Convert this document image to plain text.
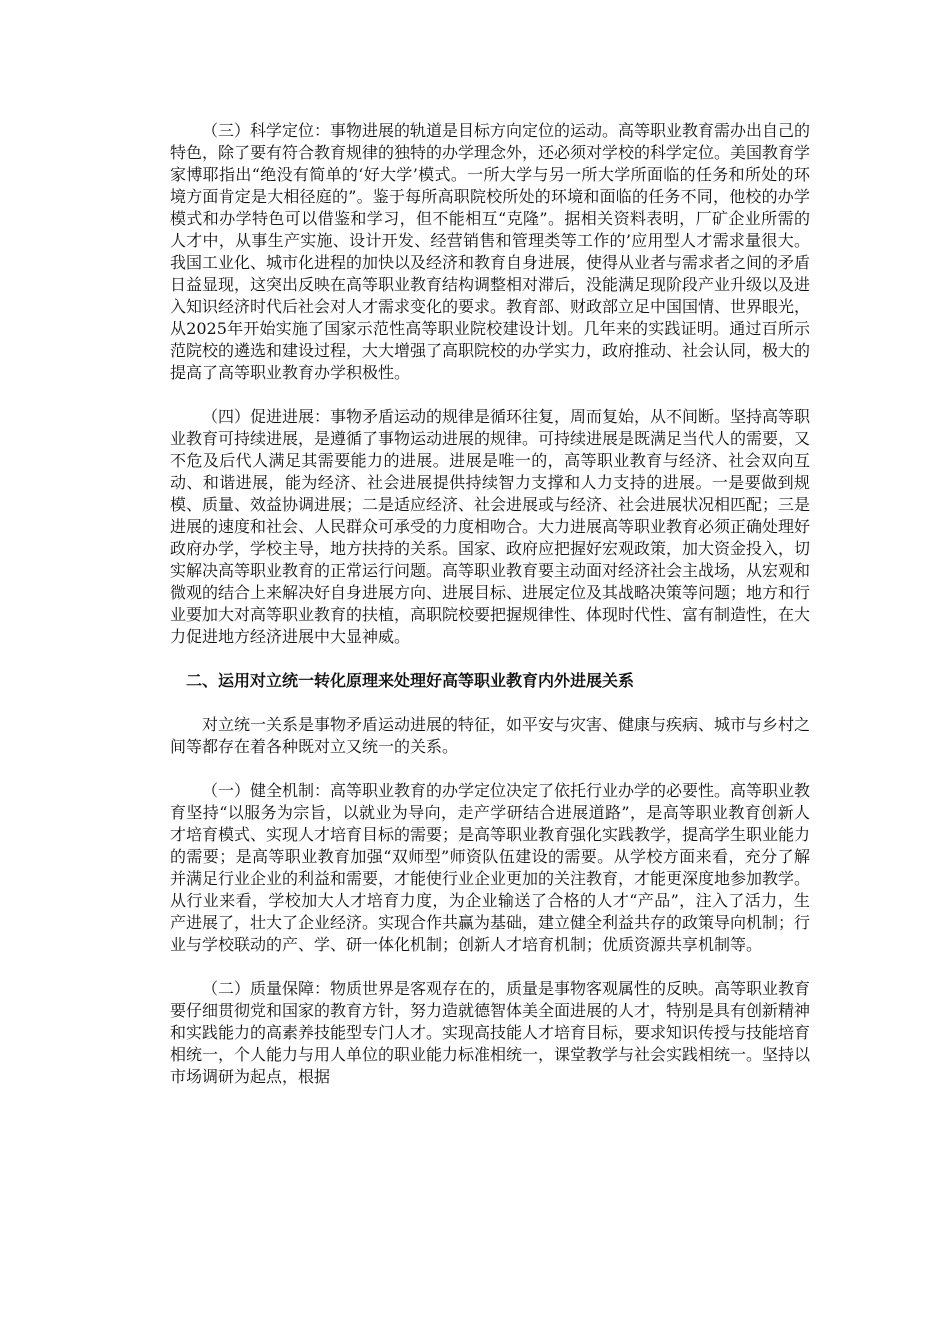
（三）科学定位：事物进展的轨道是目标方向定位的运动。高等职业教育需办出自己的特色，除了要有符合教育规律的独特的办学理念外，还必须对学校的科学定位。美国教育学家博耶指出“绝没有简单的‘好大学’模式。一所大学与另一所大学所面临的任务和所处的环境方面肯定是大相径庭的”。鉴于每所高职院校所处的环境和面临的任务不同，他校的办学模式和办学特色可以借鉴和学习，但不能相互“克隆”。据相关资料表明，厂矿企业所需的人才中，从事生产实施、设计开发、经营销售和管理类等工作的’应用型人才需求量很大。我国工业化、城市化进程的加快以及经济和教育自身进展，使得从业者与需求者之间的矛盾日益显现，这突出反映在高等职业教育结构调整相对滞后，没能满足现阶段产业升级以及进入知识经济时代后社会对人才需求变化的要求。教育部、财政部立足中国国情、世界眼光，从2025年开始实施了国家示范性高等职业院校建设计划。几年来的实践证明。通过百所示范院校的遴选和建设过程，大大增强了高职院校的办学实力，政府推动、社会认同，极大的提高了高等职业教育办学积极性。

（四）促进进展：事物矛盾运动的规律是循环往复，周而复始，从不间断。坚持高等职业教育可持续进展，是遵循了事物运动进展的规律。可持续进展是既满足当代人的需要，又不危及后代人满足其需要能力的进展。进展是唯一的，高等职业教育与经济、社会双向互动、和谐进展，能为经济、社会进展提供持续智力支撑和人力支持的进展。一是要做到规模、质量、效益协调进展；二是适应经济、社会进展或与经济、社会进展状况相匹配；三是进展的速度和社会、人民群众可承受的力度相吻合。大力进展高等职业教育必须正确处理好政府办学，学校主导，地方扶持的关系。国家、政府应把握好宏观政策，加大资金投入，切实解决高等职业教育的正常运行问题。高等职业教育要主动面对经济社会主战场，从宏观和微观的结合上来解决好自身进展方向、进展目标、进展定位及其战略决策等问题；地方和行业要加大对高等职业教育的扶植，高职院校要把握规律性、体现时代性、富有制造性，在大力促进地方经济进展中大显神威。

二、运用对立统一转化原理来处理好高等职业教育内外进展关系

对立统一关系是事物矛盾运动进展的特征，如平安与灾害、健康与疾病、城市与乡村之间等都存在着各种既对立又统一的关系。

（一）健全机制：高等职业教育的办学定位决定了依托行业办学的必要性。高等职业教育坚持“以服务为宗旨，以就业为导向，走产学研结合进展道路”，是高等职业教育创新人才培育模式、实现人才培育目标的需要；是高等职业教育强化实践教学，提高学生职业能力的需要；是高等职业教育加强“双师型”师资队伍建设的需要。从学校方面来看，充分了解并满足行业企业的利益和需要，才能使行业企业更加的关注教育，才能更深度地参加教学。从行业来看，学校加大人才培育力度，为企业输送了合格的人才“产品”，注入了活力，生产进展了，壮大了企业经济。实现合作共赢为基础，建立健全利益共存的政策导向机制；行业与学校联动的产、学、研一体化机制；创新人才培育机制；优质资源共享机制等。

（二）质量保障：物质世界是客观存在的，质量是事物客观属性的反映。高等职业教育要仔细贯彻党和国家的教育方针，努力造就德智体美全面进展的人才，特别是具有创新精神和实践能力的高素养技能型专门人才。实现高技能人才培育目标，要求知识传授与技能培育相统一，个人能力与用人单位的职业能力标准相统一，课堂教学与社会实践相统一。坚持以市场调研为起点，根据
